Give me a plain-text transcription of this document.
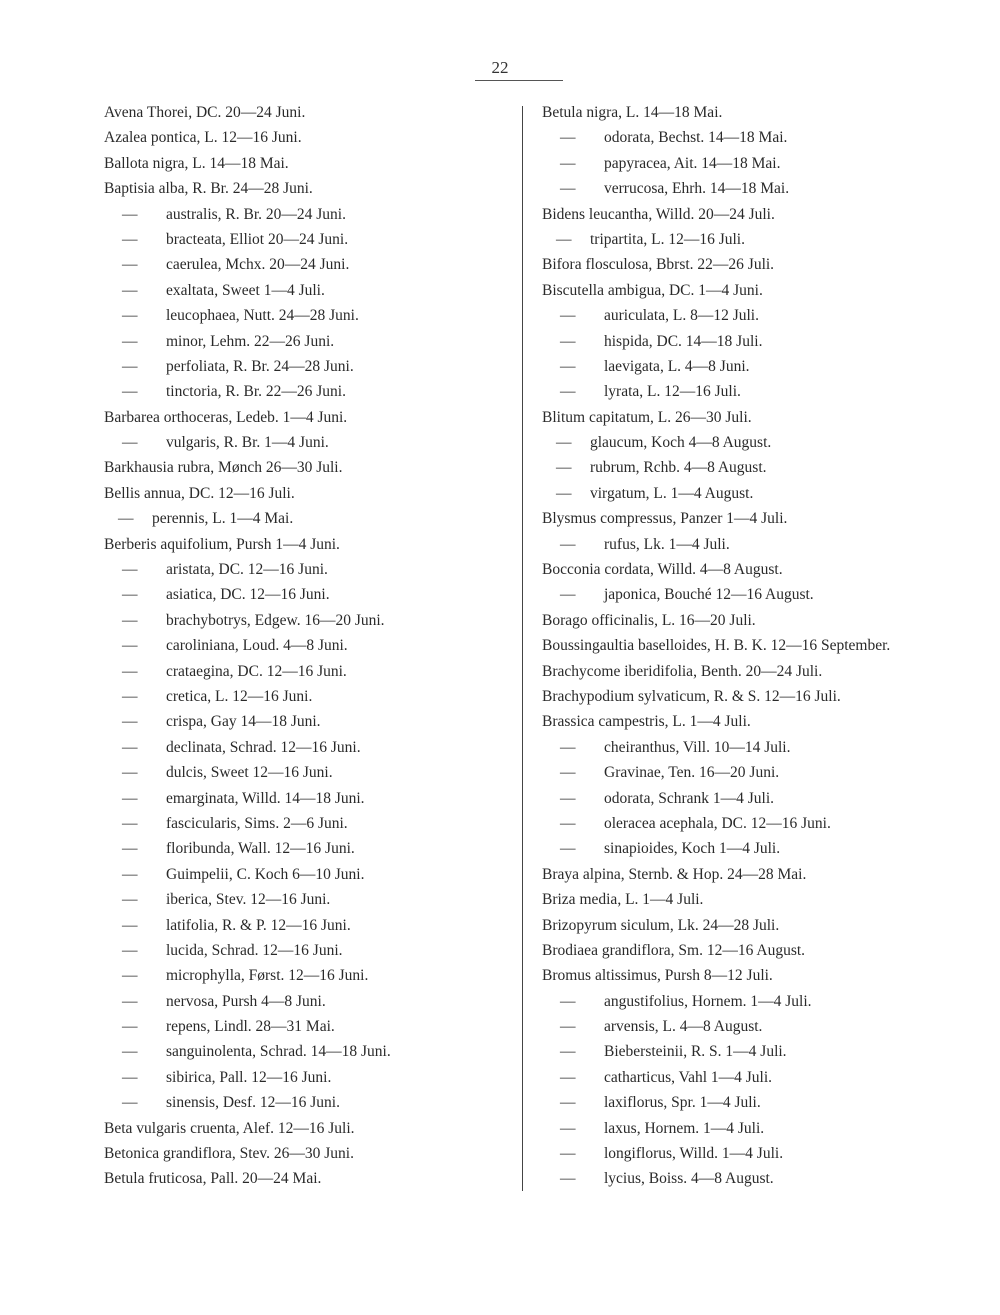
22
Avena Thorei, DC. 20—24 Juni.
Azalea pontica, L. 12—16 Juni.
Ballota nigra, L. 14—18 Mai.
Baptisia alba, R. Br. 24—28 Juni.
— australis, R. Br. 20—24 Juni.
— bracteata, Elliot 20—24 Juni.
— caerulea, Mchx. 20—24 Juni.
— exaltata, Sweet 1—4 Juli.
— leucophaea, Nutt. 24—28 Juni.
— minor, Lehm. 22—26 Juni.
— perfoliata, R. Br. 24—28 Juni.
— tinctoria, R. Br. 22—26 Juni.
Barbarea orthoceras, Ledeb. 1—4 Juni.
— vulgaris, R. Br. 1—4 Juni.
Barkhausia rubra, Mønch 26—30 Juli.
Bellis annua, DC. 12—16 Juli.
— perennis, L. 1—4 Mai.
Berberis aquifolium, Pursh 1—4 Juni.
— aristata, DC. 12—16 Juni.
— asiatica, DC. 12—16 Juni.
— brachybotrys, Edgew. 16—20 Juni.
— caroliniana, Loud. 4—8 Juni.
— crataegina, DC. 12—16 Juni.
— cretica, L. 12—16 Juni.
— crispa, Gay 14—18 Juni.
— declinata, Schrad. 12—16 Juni.
— dulcis, Sweet 12—16 Juni.
— emarginata, Willd. 14—18 Juni.
— fascicularis, Sims. 2—6 Juni.
— floribunda, Wall. 12—16 Juni.
— Guimpelii, C. Koch 6—10 Juni.
— iberica, Stev. 12—16 Juni.
— latifolia, R. & P. 12—16 Juni.
— lucida, Schrad. 12—16 Juni.
— microphylla, Først. 12—16 Juni.
— nervosa, Pursh 4—8 Juni.
— repens, Lindl. 28—31 Mai.
— sanguinolenta, Schrad. 14—18 Juni.
— sibirica, Pall. 12—16 Juni.
— sinensis, Desf. 12—16 Juni.
Beta vulgaris cruenta, Alef. 12—16 Juli.
Betonica grandiflora, Stev. 26—30 Juni.
Betula fruticosa, Pall. 20—24 Mai.
Betula nigra, L. 14—18 Mai.
— odorata, Bechst. 14—18 Mai.
— papyracea, Ait. 14—18 Mai.
— verrucosa, Ehrh. 14—18 Mai.
Bidens leucantha, Willd. 20—24 Juli.
— tripartita, L. 12—16 Juli.
Bifora flosculosa, Bbrst. 22—26 Juli.
Biscutella ambigua, DC. 1—4 Juni.
— auriculata, L. 8—12 Juli.
— hispida, DC. 14—18 Juli.
— laevigata, L. 4—8 Juni.
— lyrata, L. 12—16 Juli.
Blitum capitatum, L. 26—30 Juli.
— glaucum, Koch 4—8 August.
— rubrum, Rchb. 4—8 August.
— virgatum, L. 1—4 August.
Blysmus compressus, Panzer 1—4 Juli.
— rufus, Lk. 1—4 Juli.
Bocconia cordata, Willd. 4—8 August.
— japonica, Bouché 12—16 August.
Borago officinalis, L. 16—20 Juli.
Boussingaultia baselloides, H. B. K. 12—16 September.
Brachycome iberidifolia, Benth. 20—24 Juli.
Brachypodium sylvaticum, R. & S. 12—16 Juli.
Brassica campestris, L. 1—4 Juli.
— cheiranthus, Vill. 10—14 Juli.
— Gravinae, Ten. 16—20 Juni.
— odorata, Schrank 1—4 Juli.
— oleracea acephala, DC. 12—16 Juni.
— sinapioides, Koch 1—4 Juli.
Braya alpina, Sternb. & Hop. 24—28 Mai.
Briza media, L. 1—4 Juli.
Brizopyrum siculum, Lk. 24—28 Juli.
Brodiaea grandiflora, Sm. 12—16 August.
Bromus altissimus, Pursh 8—12 Juli.
— angustifolius, Hornem. 1—4 Juli.
— arvensis, L. 4—8 August.
— Biebersteinii, R. S. 1—4 Juli.
— catharticus, Vahl 1—4 Juli.
— laxiflorus, Spr. 1—4 Juli.
— laxus, Hornem. 1—4 Juli.
— longiflorus, Willd. 1—4 Juli.
— lycius, Boiss. 4—8 August.
